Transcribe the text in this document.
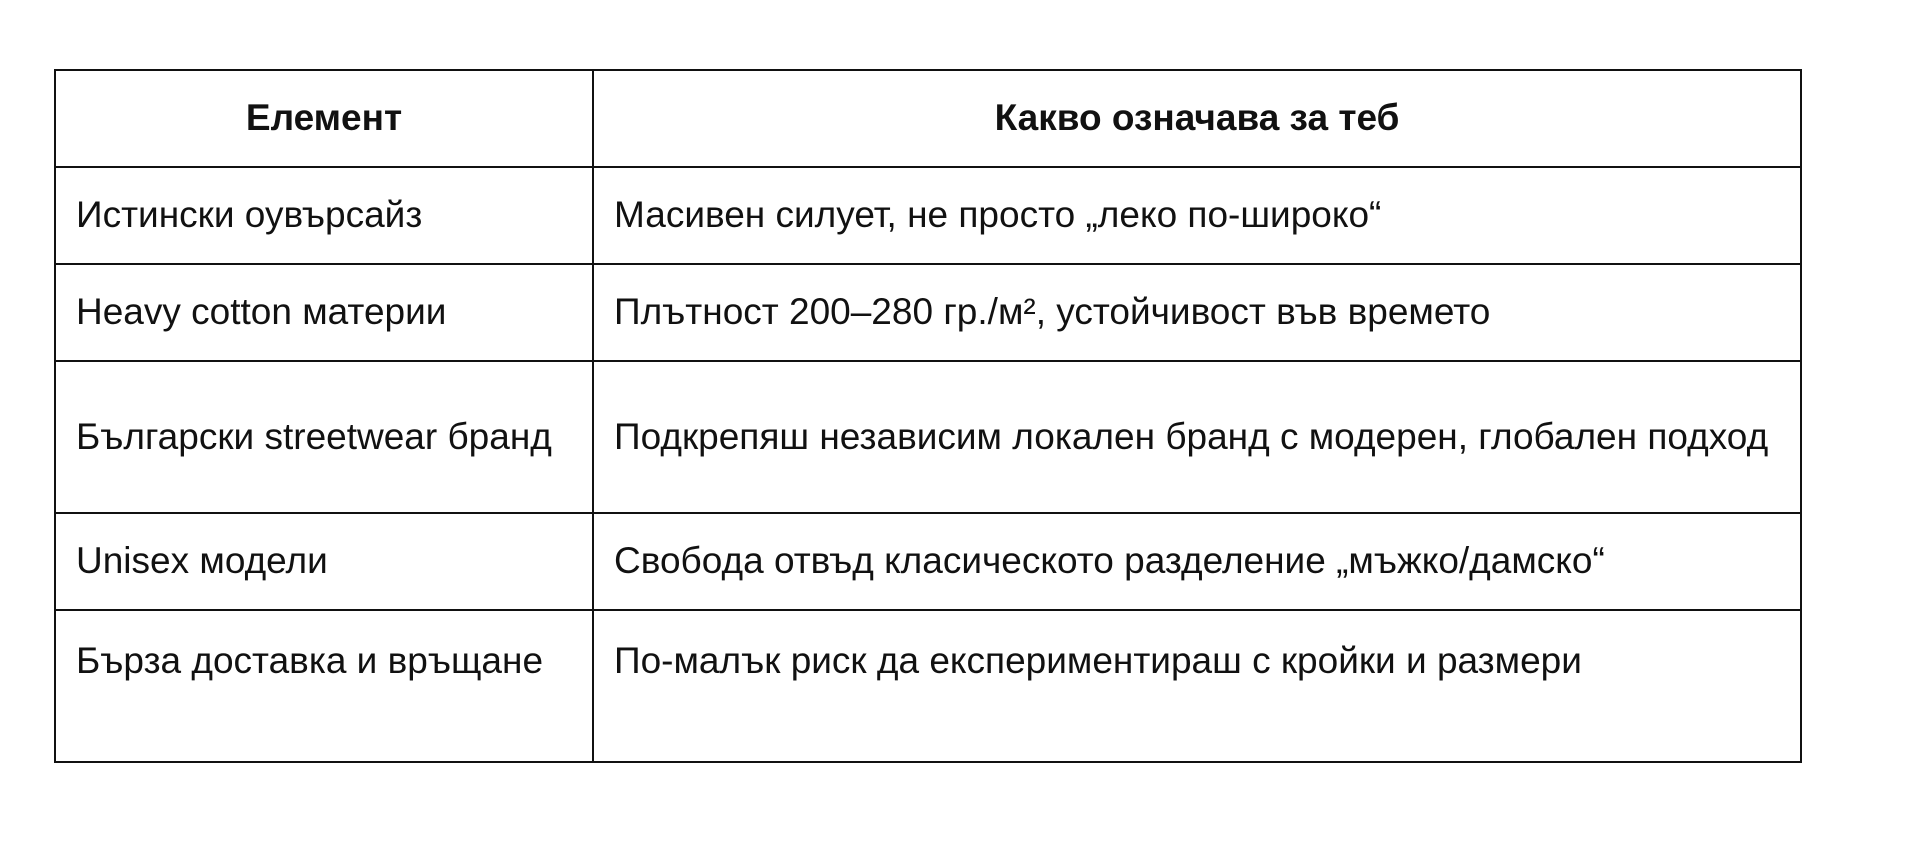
Елемент	Какво означава за теб
Истински оувърсайз	Масивен силует, не просто „леко по-широко“
Heavy cotton материи	Плътност 200–280 гр./м², устойчивост във времето
Български streetwear бранд	Подкрепяш независим локален бранд с модерен, глобален подход
Unisex модели	Свобода отвъд класическото разделение „мъжко/дамско“
Бърза доставка и връщане	По-малък риск да експериментираш с кройки и размери
